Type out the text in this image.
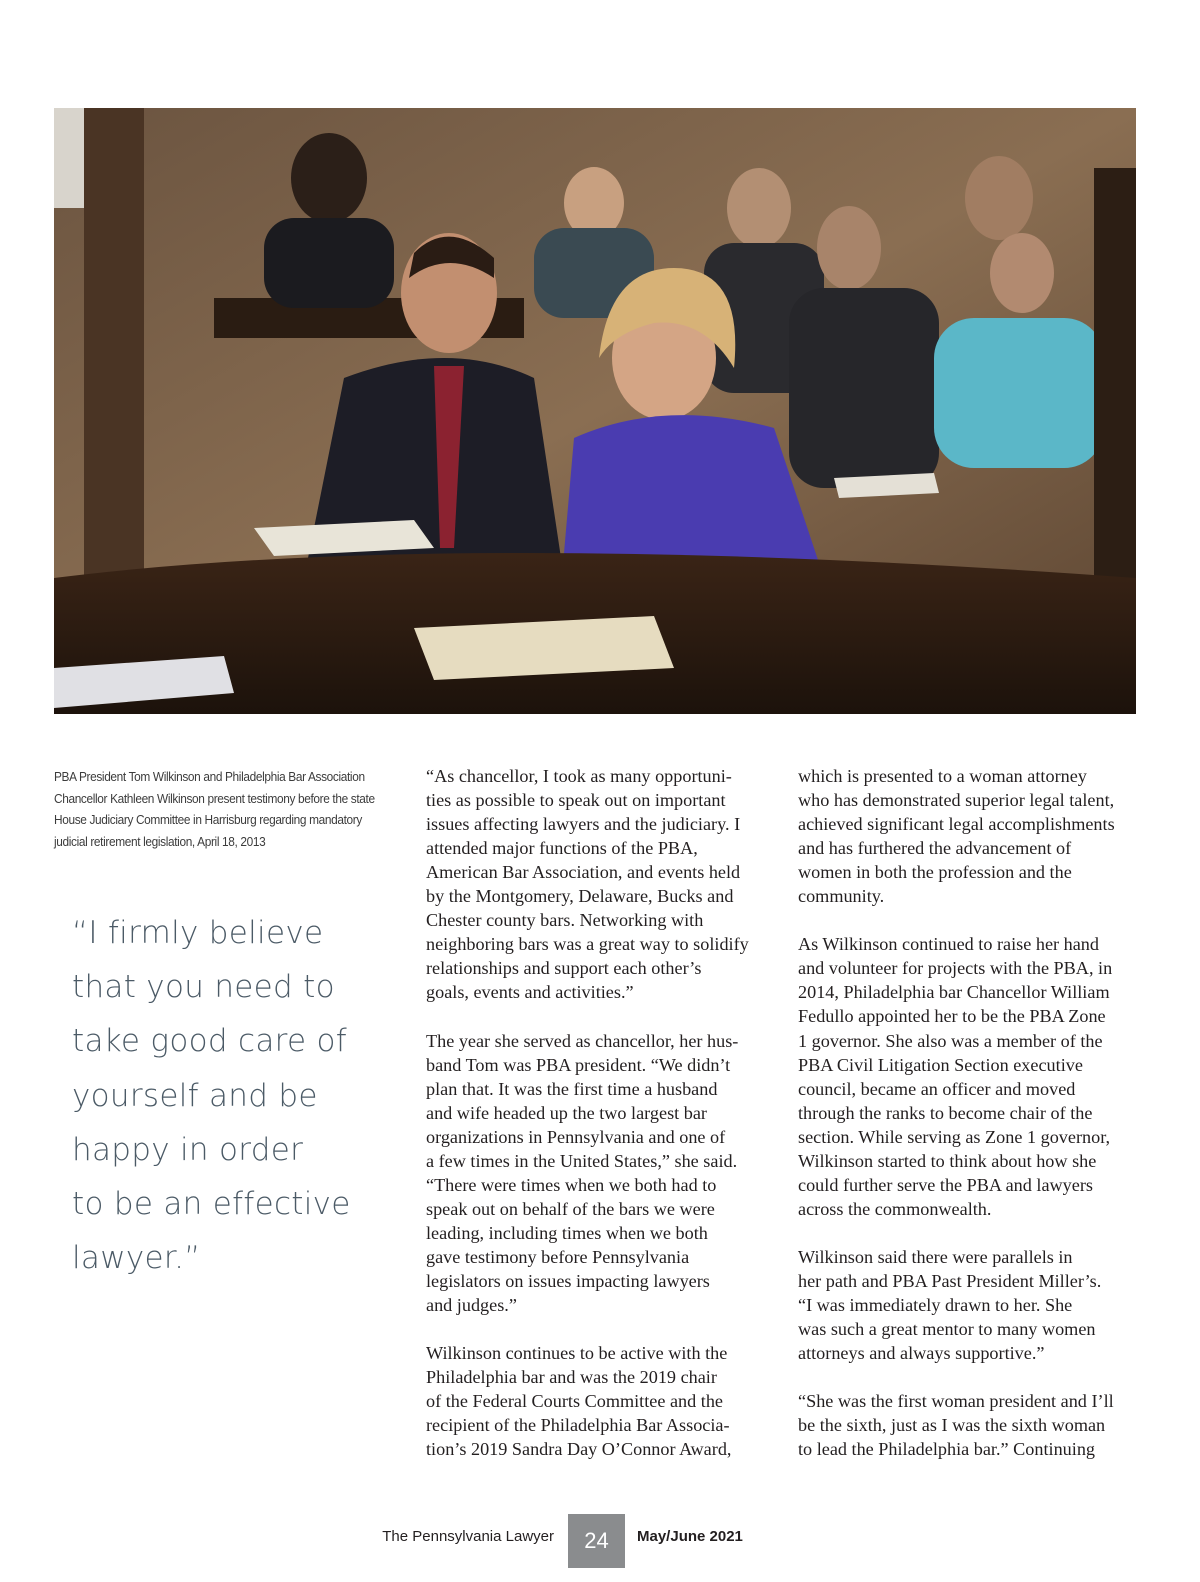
PBA President Tom Wilkinson and Philadelphia Bar Association
Chancellor Kathleen Wilkinson present testimony before the state
House Judiciary Committee in Harrisburg regarding mandatory
judicial retirement legislation, April 18, 2013
“I firmly believe
that you need to
take good care of
yourself and be
happy in order
to be an effective
lawyer.”
“As chancellor, I took as many opportuni-
ties as possible to speak out on important
issues affecting lawyers and the judiciary. I
attended major functions of the PBA,
American Bar Association, and events held
by the Montgomery, Delaware, Bucks and
Chester county bars. Networking with
neighboring bars was a great way to solidify
relationships and support each other’s
goals, events and activities.”
The year she served as chancellor, her hus-
band Tom was PBA president. “We didn’t
plan that. It was the first time a husband
and wife headed up the two largest bar
organizations in Pennsylvania and one of
a few times in the United States,” she said.
“There were times when we both had to
speak out on behalf of the bars we were
leading, including times when we both
gave testimony before Pennsylvania
legislators on issues impacting lawyers
and judges.”
Wilkinson continues to be active with the
Philadelphia bar and was the 2019 chair
of the Federal Courts Committee and the
recipient of the Philadelphia Bar Associa-
tion’s 2019 Sandra Day O’Connor Award,
which is presented to a woman attorney
who has demonstrated superior legal talent,
achieved significant legal accomplishments
and has furthered the advancement of
women in both the profession and the
community.
As Wilkinson continued to raise her hand
and volunteer for projects with the PBA, in
2014, Philadelphia bar Chancellor William
Fedullo appointed her to be the PBA Zone
1 governor. She also was a member of the
PBA Civil Litigation Section executive
council, became an officer and moved
through the ranks to become chair of the
section. While serving as Zone 1 governor,
Wilkinson started to think about how she
could further serve the PBA and lawyers
across the commonwealth.
Wilkinson said there were parallels in
her path and PBA Past President Miller’s.
“I was immediately drawn to her. She
was such a great mentor to many women
attorneys and always supportive.”
“She was the first woman president and I’ll
be the sixth, just as I was the sixth woman
to lead the Philadelphia bar.” Continuing
The Pennsylvania Lawyer 24 May/June 2021
